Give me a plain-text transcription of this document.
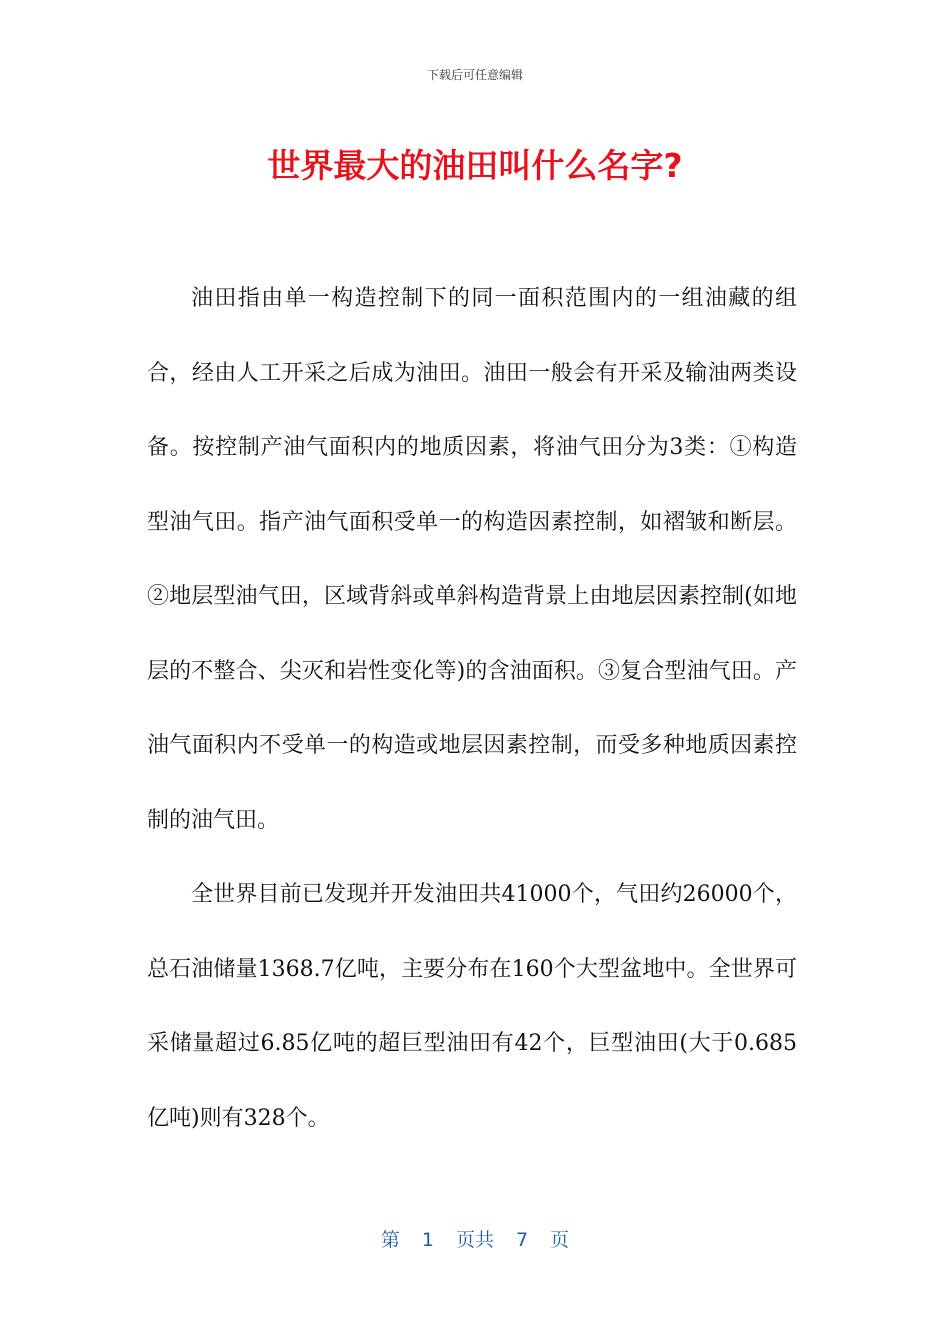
下载后可任意编辑
世界最大的油田叫什么名字?

油田指由单一构造控制下的同一面积范围内的一组油藏的组合，经由人工开采之后成为油田。油田一般会有开采及输油两类设备。按控制产油气面积内的地质因素，将油气田分为3类：①构造型油气田。指产油气面积受单一的构造因素控制，如褶皱和断层。②地层型油气田，区域背斜或单斜构造背景上由地层因素控制(如地层的不整合、尖灭和岩性变化等)的含油面积。③复合型油气田。产油气面积内不受单一的构造或地层因素控制，而受多种地质因素控制的油气田。

全世界目前已发现并开发油田共41000个，气田约26000个，总石油储量1368.7亿吨，主要分布在160个大型盆地中。全世界可采储量超过6.85亿吨的超巨型油田有42个，巨型油田(大于0.685亿吨)则有328个。

第 1 页共 7 页
